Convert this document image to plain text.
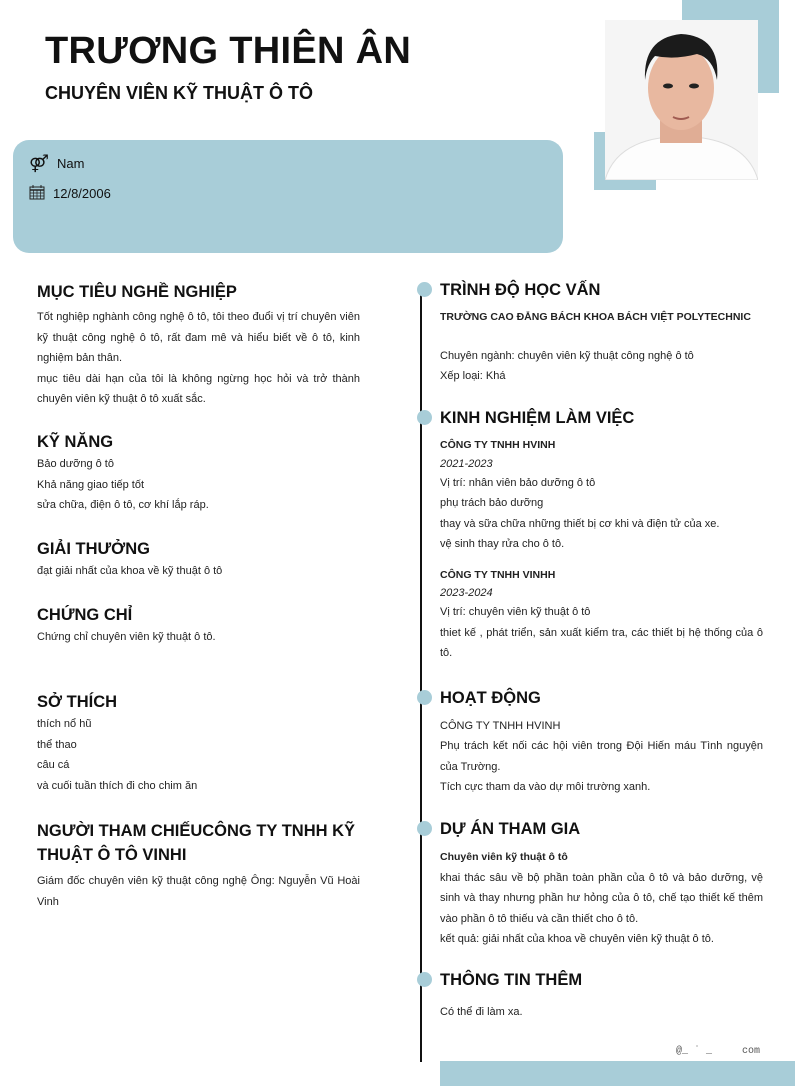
TRƯƠNG THIÊN ÂN
CHUYÊN VIÊN KỸ THUẬT Ô TÔ
⚤ Nam
12/8/2006
MỤC TIÊU NGHỀ NGHIỆP
Tốt nghiệp nghành công nghệ ô tô, tôi theo đuổi vị trí chuyên viên kỹ thuật công nghệ ô tô, rất đam mê và hiểu biết về ô tô, kinh nghiệm bản thân.
mục tiêu dài hạn của tôi là không ngừng học hỏi và trở thành chuyên viên kỹ thuật ô tô xuất sắc.
KỸ NĂNG
Bảo dưỡng ô tô
Khả năng giao tiếp tốt
sửa chữa, điện ô tô, cơ khí lắp ráp.
GIẢI THƯỞNG
đạt giải nhất của khoa về kỹ thuật ô tô
CHỨNG CHỈ
Chứng chỉ chuyên viên kỹ thuật ô tô.
SỞ THÍCH
thích nổ hũ
thể thao
câu cá
và cuối tuần thích đi cho chim ăn
NGƯỜI THAM CHIẾUCÔNG TY TNHH KỸ THUẬT Ô TÔ VINHI
Giám đốc chuyên viên kỹ thuật công nghệ Ông: Nguyễn Vũ Hoài Vinh
TRÌNH ĐỘ HỌC VẤN
TRƯỜNG CAO ĐẲNG BÁCH KHOA BÁCH VIỆT POLYTECHNIC
Chuyên ngành: chuyên viên kỹ thuật công nghệ ô tô
Xếp loại: Khá
KINH NGHIỆM LÀM VIỆC
CÔNG TY TNHH HVINH
2021-2023
Vị trí: nhân viên bảo dưỡng ô tô
phụ trách bảo dưỡng
thay và sữa chữa những thiết bị cơ khi và điện tử của xe.
vệ sinh thay rửa cho ô tô.
CÔNG TY TNHH VINHH
2023-2024
Vị trí: chuyên viên kỹ thuật ô tô
thiet kế , phát triển, sản xuất kiểm tra, các thiết bị hệ thống của ô tô.
HOẠT ĐỘNG
CÔNG TY TNHH HVINH
Phụ trách kết nối các hội viên trong Đội Hiến máu Tình nguyện của Trường.
Tích cực tham da vào dự môi trường xanh.
DỰ ÁN THAM GIA
Chuyên viên kỹ thuật ô tô
khai thác sâu về bộ phần toàn phần của ô tô và bảo dưỡng, vệ sinh và thay nhưng phần hư hỏng của ô tô, chế tạo thiết kế thêm vào phần ô tô thiếu và cần thiết cho ô tô.
kết quả: giải nhất của khoa về chuyên viên kỹ thuật ô tô.
THÔNG TIN THÊM
Có thể đi làm xa.
@_ ˙ _     com
